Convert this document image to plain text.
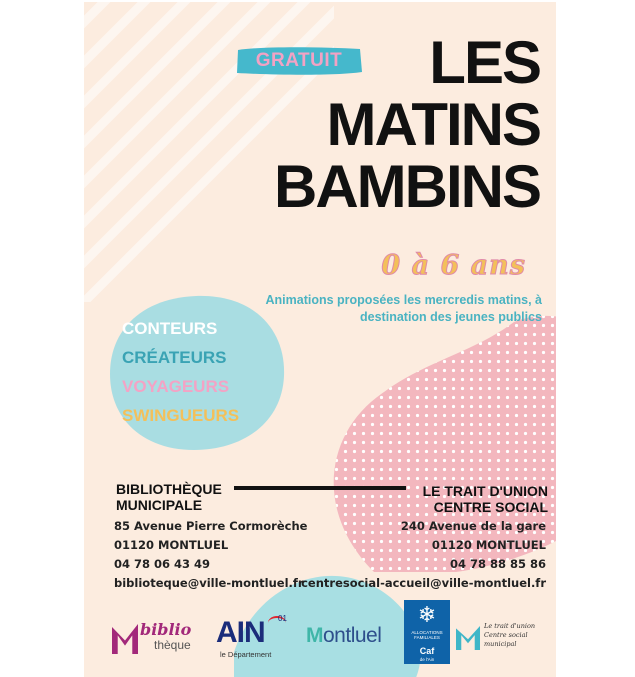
GRATUIT	LES
MATINS
BAMBINS
0 à 6 ans
Animations proposées les mercredis matins, à
destination des jeunes publics
CONTEURS
CRÉATEURS
VOYAGEURS
SWINGUEURS
BIBLIOTHÈQUE
MUNICIPALE
LE TRAIT D'UNION
CENTRE SOCIAL
85 Avenue Pierre Cormorèche
01120 MONTLUEL
04 78 06 43 49
biblioteque@ville-montluel.fr
240 Avenue de la gare
01120 MONTLUEL
04 78 88 85 86
centresocial-accueil@ville-montluel.fr
biblio
thèque AIN 01
le Département
Montluel
❄
ALLOCATIONS
FAMILIALES
Caf
de l'Ain
Le trait d'union
Centre social
municipal
